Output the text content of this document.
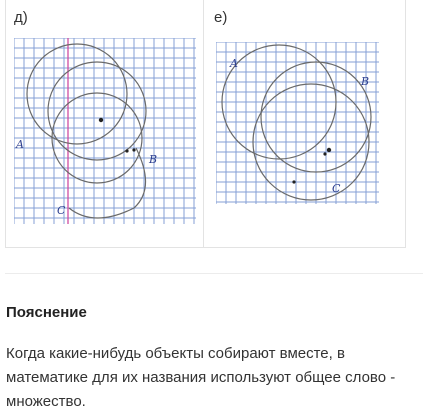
д)
A
B
C
е)
A
B
C
Пояснение
Когда какие-нибудь объекты собирают вместе, в математике для их названия используют общее слово - множество.
